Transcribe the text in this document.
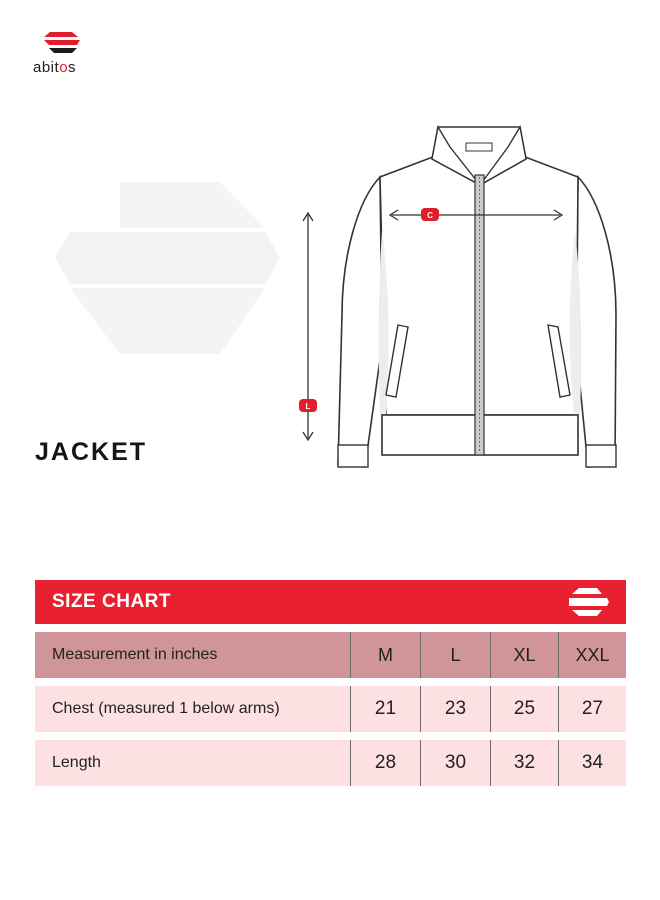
abitos
C
L
JACKET
SIZE CHART
Measurement in inches	M	L	XL	XXL
Chest (measured 1 below arms)	21	23	25	27
Length	28	30	32	34
